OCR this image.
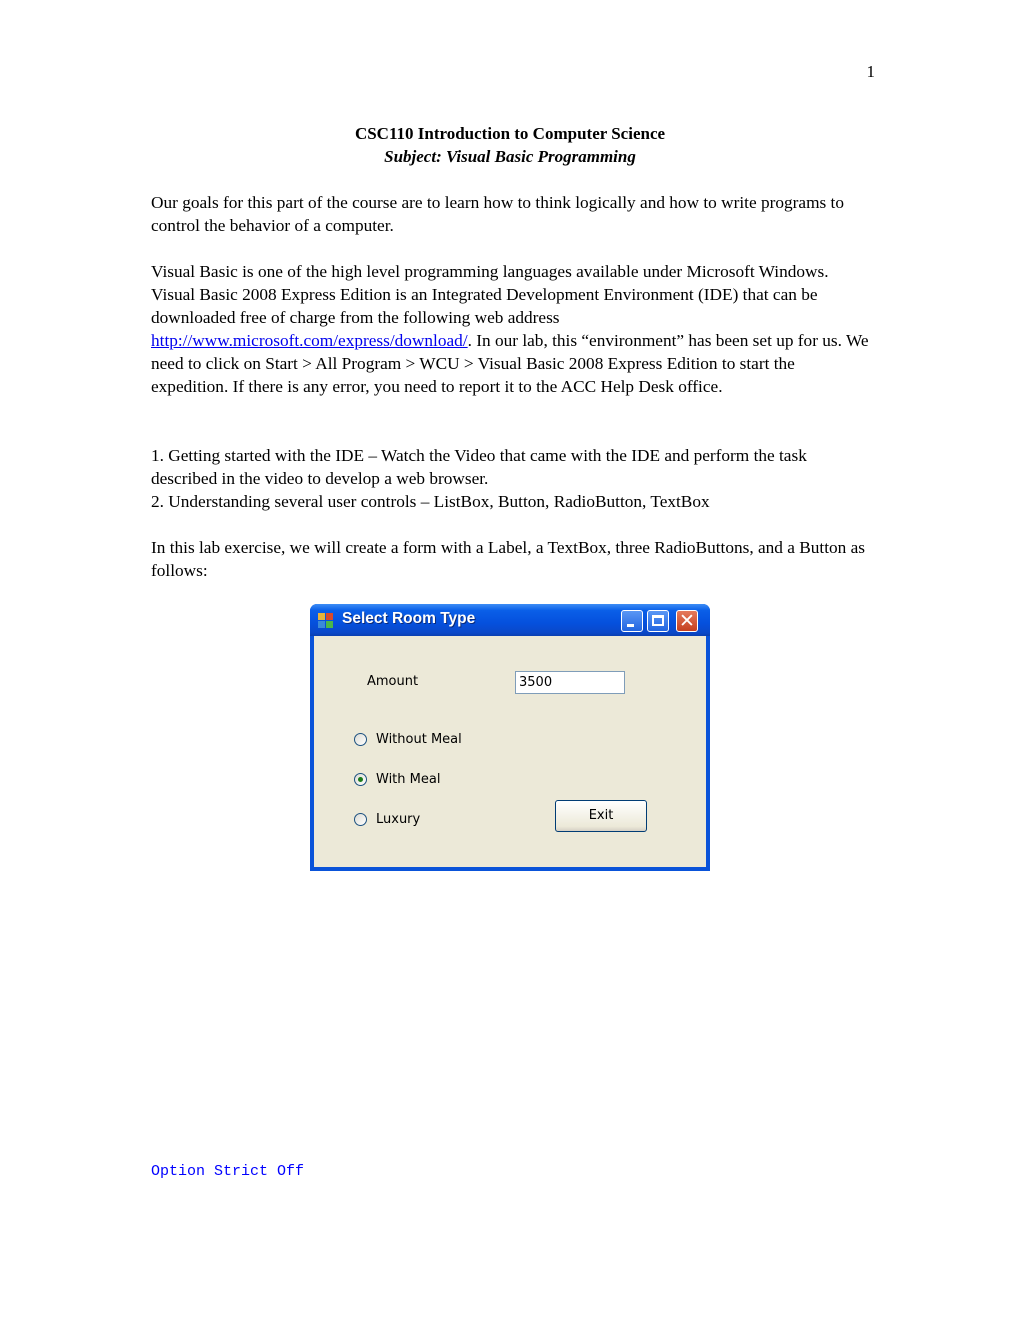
1
CSC110 Introduction to Computer Science
Subject: Visual Basic Programming
Our goals for this part of the course are to learn how to think logically and how to write programs to control the behavior of a computer.
Visual Basic is one of the high level programming languages available under Microsoft Windows. Visual Basic 2008 Express Edition is an Integrated Development Environment (IDE) that can be downloaded free of charge from the following web address http://www.microsoft.com/express/download/. In our lab, this “environment” has been set up for us. We need to click on Start > All Program > WCU > Visual Basic 2008 Express Edition to start the expedition. If there is any error, you need to report it to the ACC Help Desk office.
1. Getting started with the IDE – Watch the Video that came with the IDE and perform the task described in the video to develop a web browser.
2. Understanding several user controls – ListBox, Button, RadioButton, TextBox
In this lab exercise, we will create a form with a Label, a TextBox, three RadioButtons, and a Button as follows:
Select Room Type	✕
Amount	3500
Without Meal
With Meal
Luxury	Exit
Option Strict Off
